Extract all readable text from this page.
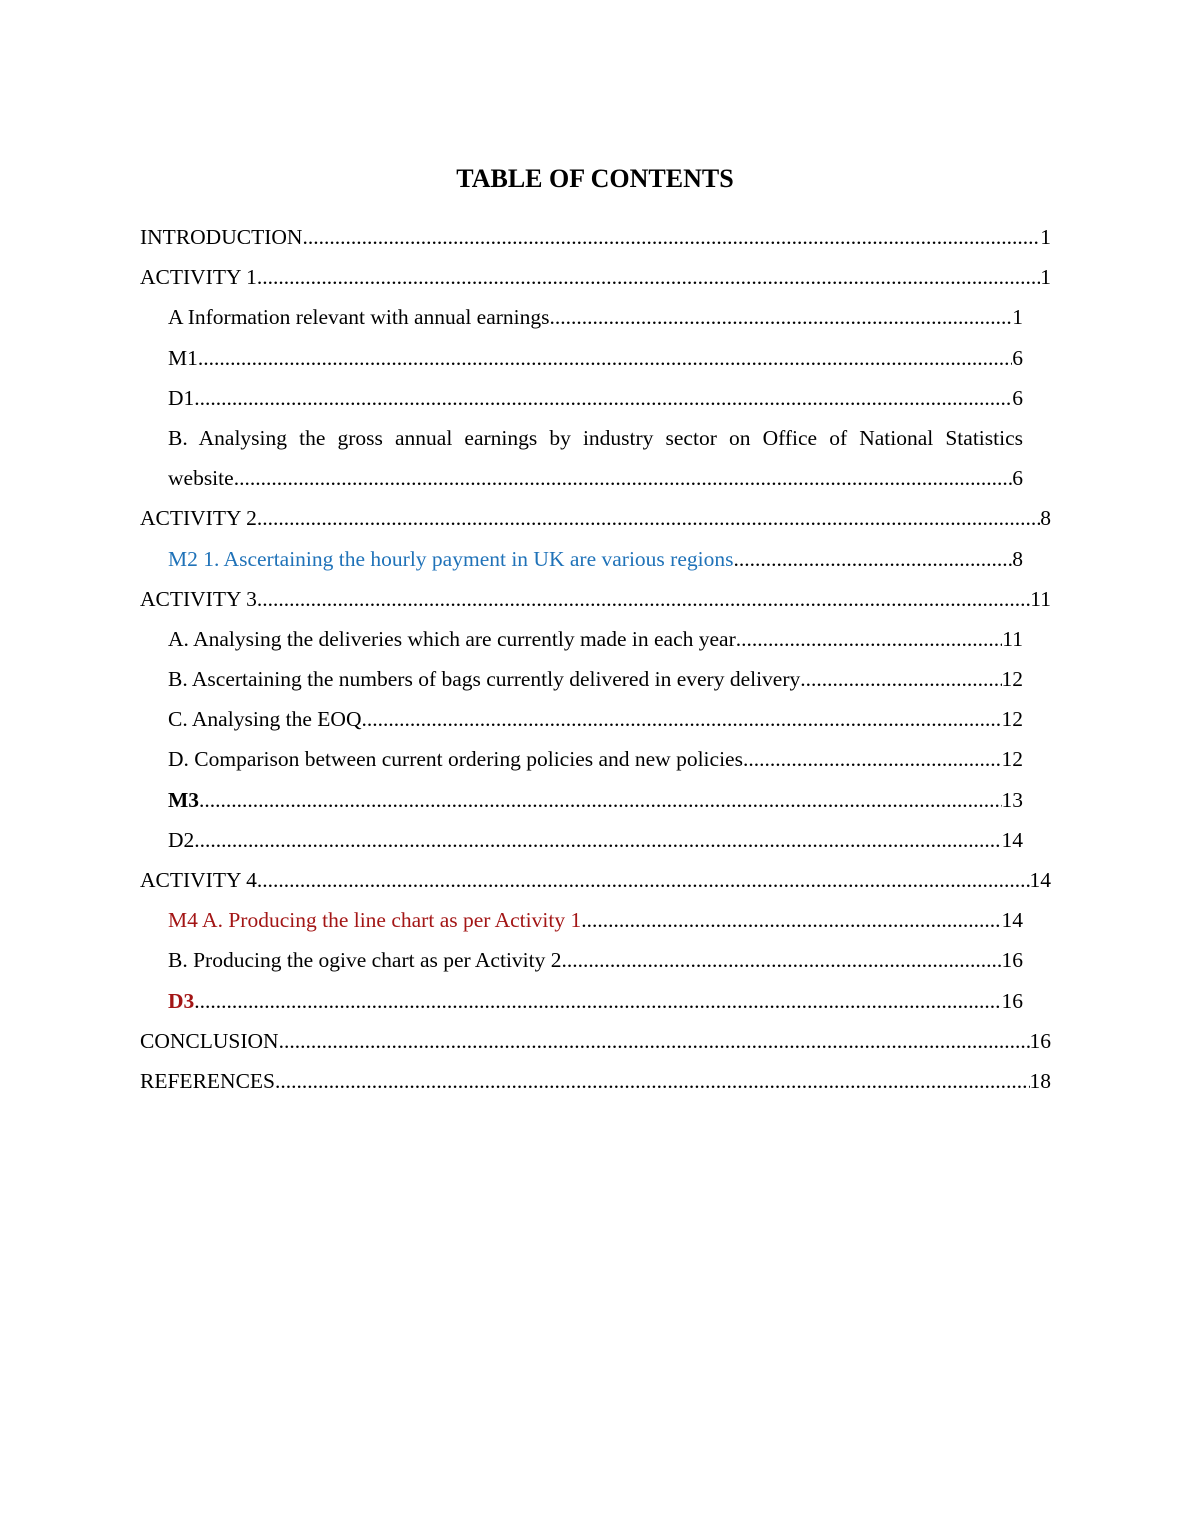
TABLE OF CONTENTS
INTRODUCTION .....	1
ACTIVITY 1 .....	1
A Information relevant with annual earnings .....	1
M1 .....	6
D1 .....	6
B. Analysing the gross annual earnings by industry sector on Office of National Statistics
website .....	6
ACTIVITY 2 .....	8
M2 1. Ascertaining the hourly payment in UK are various regions .....	8
ACTIVITY 3 .....	11
A. Analysing the deliveries which are currently made in each year .....	11
B. Ascertaining the numbers of bags currently delivered in every delivery .....	12
C. Analysing the EOQ .....	12
D. Comparison between current ordering policies and new policies .....	12
M3 .....	13
D2 .....	14
ACTIVITY 4 .....	14
M4 A. Producing the line chart as per Activity 1 .....	14
B. Producing the ogive chart as per Activity 2 .....	16
D3 .....	16
CONCLUSION .....	16
REFERENCES .....	18
